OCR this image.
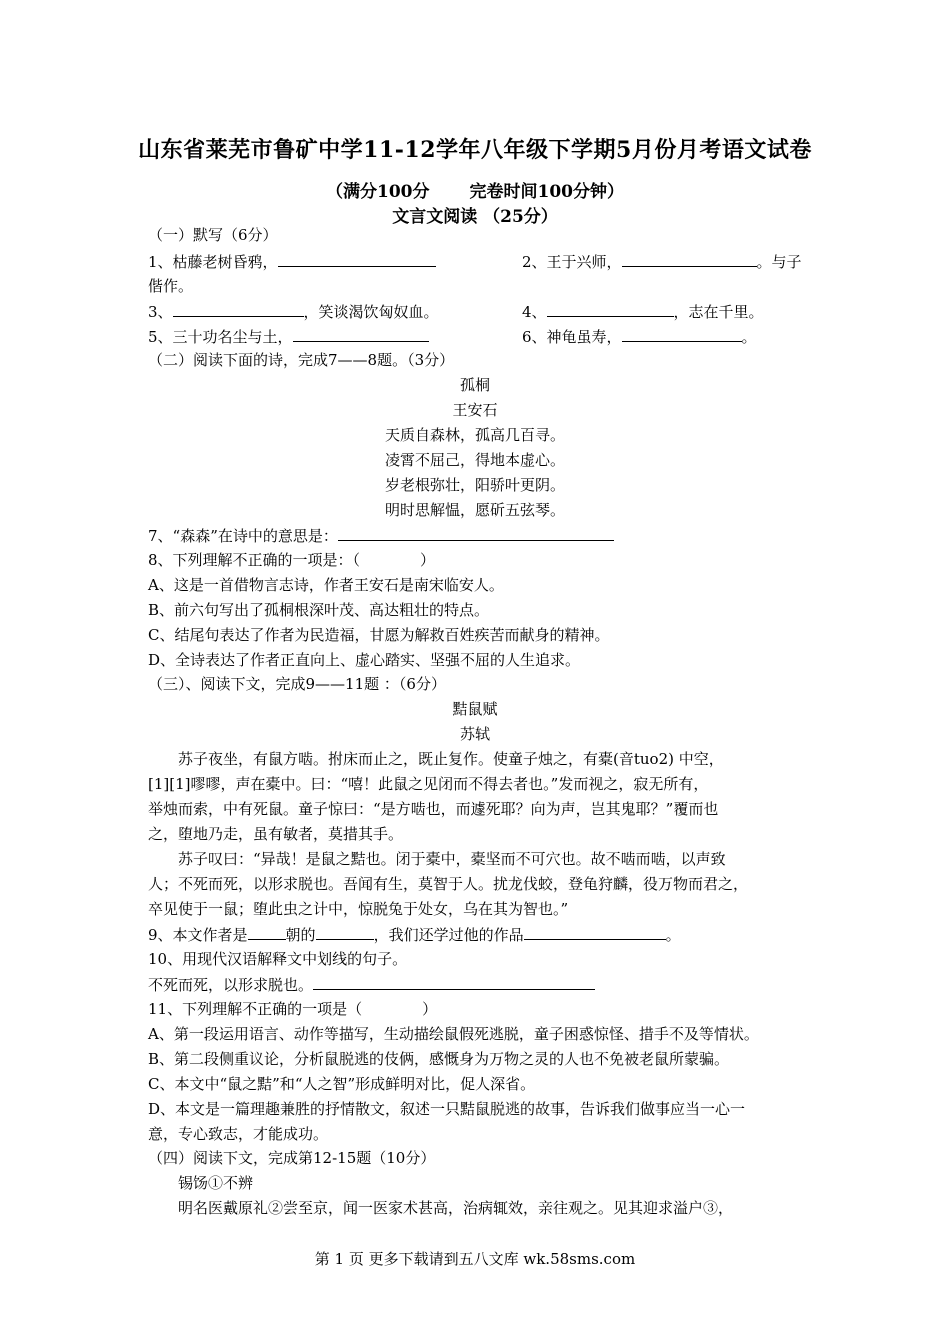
山东省莱芜市鲁矿中学11-12学年八年级下学期5月份月考语文试卷
（满分100分 完卷时间100分钟）
文言文阅读 （25分）
（一）默写（6分）
1、枯藤老树昏鸦，	2、王于兴师，	。与子
偕作。
3、	，笑谈渴饮匈奴血。	4、	，志在千里。
5、三十功名尘与土，	6、神龟虽寿，	。
（二）阅读下面的诗，完成7——8题。（3分）
孤桐
王安石
天质自森林，孤高几百寻。
凌霄不屈己，得地本虚心。
岁老根弥壮，阳骄叶更阴。
明时思解愠，愿斫五弦琴。
7、“森森”在诗中的意思是：
8、下列理解不正确的一项是：（　　　　）
A、这是一首借物言志诗，作者王安石是南宋临安人。
B、前六句写出了孤桐根深叶茂、高达粗壮的特点。
C、结尾句表达了作者为民造福，甘愿为解救百姓疾苦而献身的精神。
D、全诗表达了作者正直向上、虚心踏实、坚强不屈的人生追求。
（三）、阅读下文，完成9——11题 ：（6分）
黠鼠赋
苏轼
苏子夜坐，有鼠方啮。拊床而止之，既止复作。使童子烛之，有橐(音tuo2) 中空，
[1][1]嘐嘐，声在橐中。曰：“嘻！此鼠之见闭而不得去者也。”发而视之，寂无所有，
举烛而索，中有死鼠。童子惊曰：“是方啮也，而遽死耶？向为声，岂其鬼耶？”覆而也
之，堕地乃走，虽有敏者，莫措其手。
苏子叹曰：“异哉！是鼠之黠也。闭于橐中，橐坚而不可穴也。故不啮而啮，以声致
人；不死而死，以形求脱也。吾闻有生，莫智于人。扰龙伐蛟，登龟狩麟，役万物而君之，
卒见使于一鼠；堕此虫之计中，惊脱兔于处女，乌在其为智也。”
9、本文作者是	朝的	，我们还学过他的作品	。
10、用现代汉语解释文中划线的句子。
不死而死，以形求脱也。
11、下列理解不正确的一项是（　　　　）
A、第一段运用语言、动作等描写，生动描绘鼠假死逃脱，童子困惑惊怪、措手不及等情状。
B、第二段侧重议论，分析鼠脱逃的伎俩，感慨身为万物之灵的人也不免被老鼠所蒙骗。
C、本文中“鼠之黠”和“人之智”形成鲜明对比，促人深省。
D、本文是一篇理趣兼胜的抒情散文，叙述一只黠鼠脱逃的故事，告诉我们做事应当一心一
意，专心致志，才能成功。
（四）阅读下文，完成第12-15题（10分）
锡饧①不辨
明名医戴原礼②尝至京，闻一医家术甚高，治病辄效，亲往观之。见其迎求溢户③，
第 1 页 更多下载请到五八文库 wk.58sms.com
